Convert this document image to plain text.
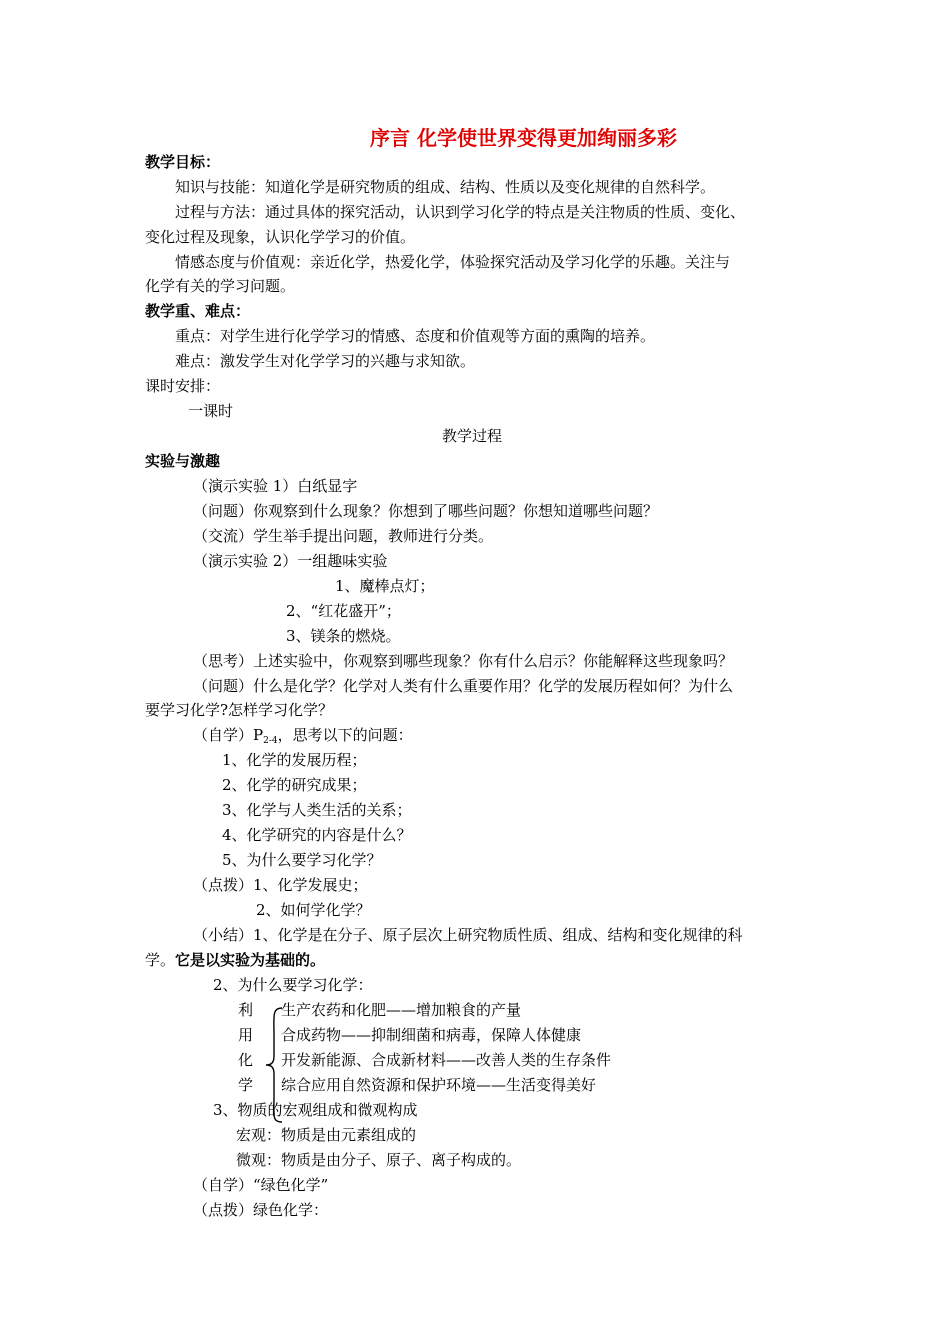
序言 化学使世界变得更加绚丽多彩
教学目标：
知识与技能：知道化学是研究物质的组成、结构、性质以及变化规律的自然科学。
过程与方法：通过具体的探究活动，认识到学习化学的特点是关注物质的性质、变化、
变化过程及现象，认识化学学习的价值。
情感态度与价值观：亲近化学，热爱化学，体验探究活动及学习化学的乐趣。关注与
化学有关的学习问题。
教学重、难点：
重点：对学生进行化学学习的情感、态度和价值观等方面的熏陶的培养。
难点：激发学生对化学学习的兴趣与求知欲。
课时安排：
一课时
教学过程
实验与激趣
（演示实验 1）白纸显字
（问题）你观察到什么现象？你想到了哪些问题？你想知道哪些问题？
（交流）学生举手提出问题，教师进行分类。
（演示实验 2）一组趣味实验
1、魔棒点灯；
2、“红花盛开”；
3、镁条的燃烧。
（思考）上述实验中，你观察到哪些现象？你有什么启示？你能解释这些现象吗？
（问题）什么是化学？化学对人类有什么重要作用？化学的发展历程如何？为什么
要学习化学?怎样学习化学？
（自学）$P_{2-4}$，思考以下的问题：
1、化学的发展历程；
2、化学的研究成果；
3、化学与人类生活的关系；
4、化学研究的内容是什么？
5、为什么要学习化学？
（点拨）1、化学发展史；
2、如何学化学？
（小结）1、化学是在分子、原子层次上研究物质性质、组成、结构和变化规律的科
学。它是以实验为基础的。
2、为什么要学习化学：
利 生产农药和化肥——增加粮食的产量
用 合成药物——抑制细菌和病毒，保障人体健康
化 开发新能源、合成新材料——改善人类的生存条件
学 综合应用自然资源和保护环境——生活变得美好
3、物质的宏观组成和微观构成
宏观：物质是由元素组成的
微观：物质是由分子、原子、离子构成的。
（自学）“绿色化学”
（点拨）绿色化学：
